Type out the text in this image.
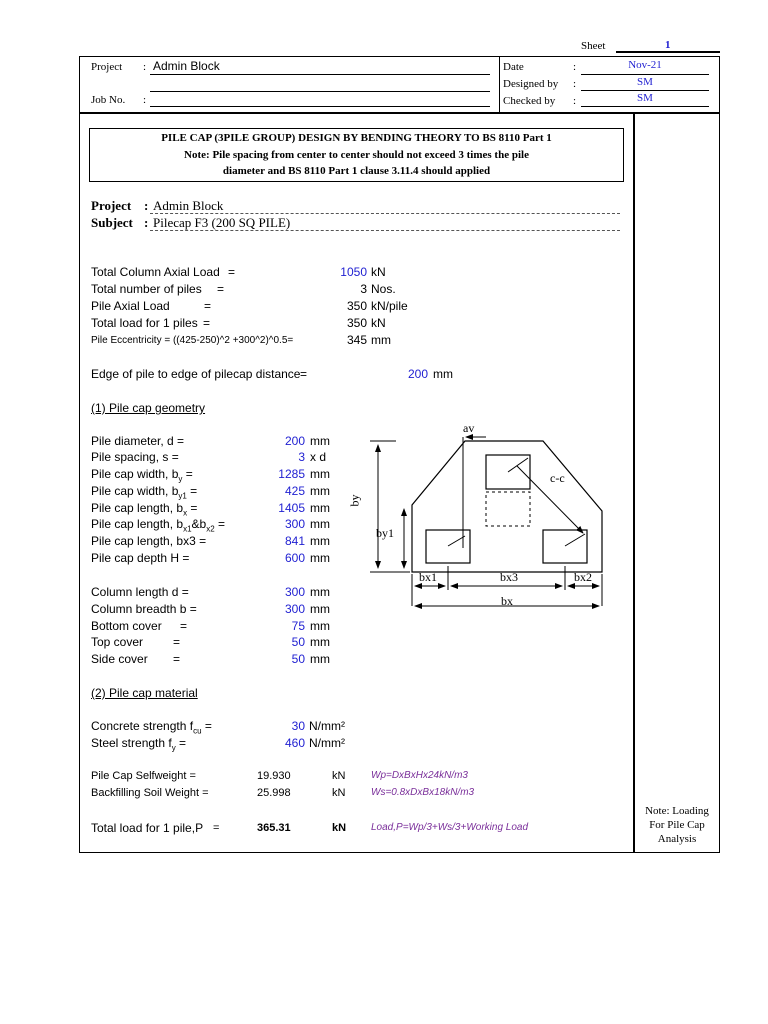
Sheet	1
Project : Admin Block
Job No. :
Date	:	Nov-21
Designed by :	SM
Checked by :	SM
PILE CAP (3PILE GROUP) DESIGN BY BENDING THEORY TO BS 8110 Part 1
Note: Pile spacing from center to center should not exceed 3 times the pile
diameter and BS 8110 Part 1 clause 3.11.4 should applied
Project : Admin Block
Subject : Pilecap F3 (200 SQ PILE)
Total Column Axial Load =	1050 kN
Total number of piles =	3 Nos.
Pile Axial Load	=	350 kN/pile
Total load for 1 piles =	350 kN
Pile Eccentricity = ((425-250)^2 +300^2)^0.5=	345 mm
Edge of pile to edge of pilecap distance =	200 mm
(1) Pile cap geometry
Pile diameter, d =	200 mm
Pile spacing, s =	3 x d
Pile cap width, $b_y$ =	1285 mm
Pile cap width, $b_{y1}$ =	425 mm
Pile cap length, $b_x$ =	1405 mm
Pile cap length, $b_{x1}\&b_{x2}$ =	300 mm
Pile cap length, bx3 =	841 mm
Pile cap depth H =	600 mm
Column length d =	300 mm
Column breadth b =	300 mm
Bottom cover =	75 mm
Top cover =	50 mm
Side cover =	50 mm
(2) Pile cap material
Concrete strength $f_{cu}$ =	30 N/mm²
Steel strength $f_y$ =	460 N/mm²
Pile Cap Selfweight =	19.930	kN	Wp=DxBxHx24kN/m3
Backfilling Soil Weight =	25.998	kN	Ws=0.8xDxBx18kN/m3
Total load for 1 pile,P =	365.31	kN Load,P=Wp/3+Ws/3+Working Load
Note: Loading
For Pile Cap
Analysis
av
c-c
by
by1
bx1	bx3	bx2
bx
